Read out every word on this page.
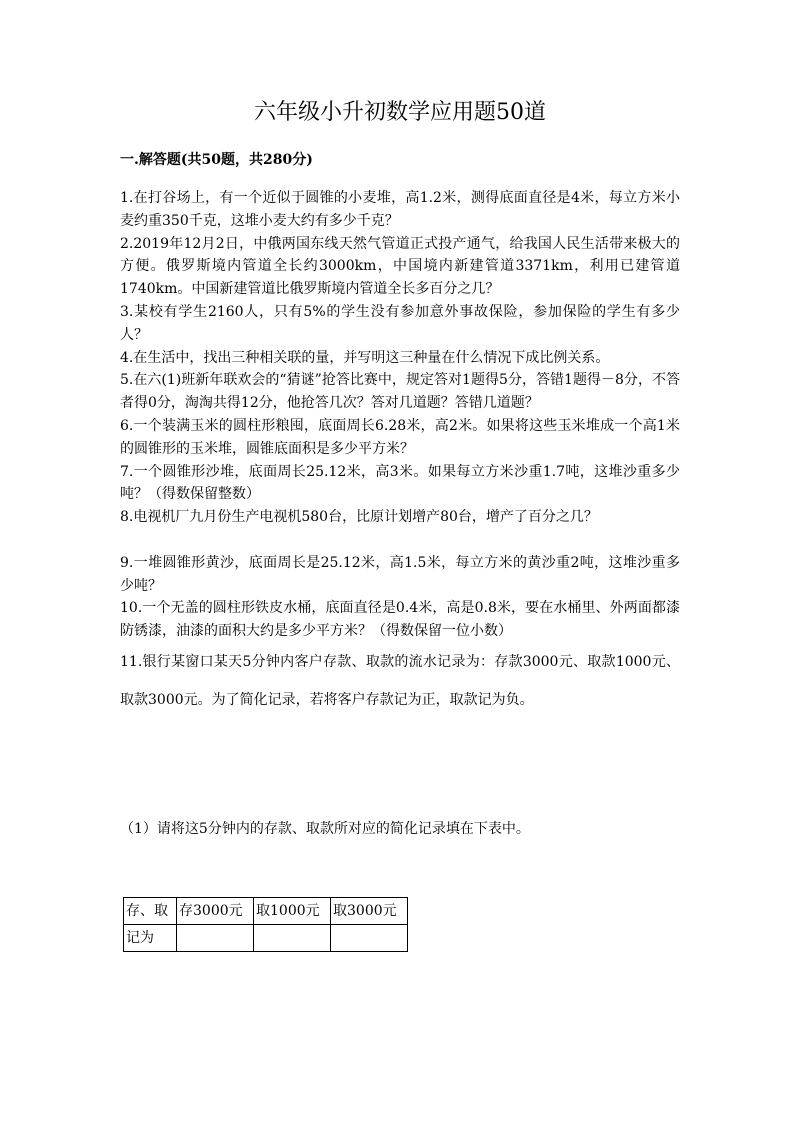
六年级小升初数学应用题50道
一.解答题(共50题，共280分)

1.在打谷场上，有一个近似于圆锥的小麦堆，高1.2米，测得底面直径是4米，每立方米小麦约重350千克，这堆小麦大约有多少千克？

2.2019年12月2日，中俄两国东线天然气管道正式投产通气，给我国人民生活带来极大的方便。俄罗斯境内管道全长约3000km，中国境内新建管道3371km，利用已建管道1740km。中国新建管道比俄罗斯境内管道全长多百分之几？

3.某校有学生2160人，只有5%的学生没有参加意外事故保险，参加保险的学生有多少人？

4.在生活中，找出三种相关联的量，并写明这三种量在什么情况下成比例关系。

5.在六(1)班新年联欢会的“猜谜”抢答比赛中，规定答对1题得5分，答错1题得－8分，不答者得0分，淘淘共得12分，他抢答几次？答对几道题？答错几道题？

6.一个装满玉米的圆柱形粮囤，底面周长6.28米，高2米。如果将这些玉米堆成一个高1米的圆锥形的玉米堆，圆锥底面积是多少平方米？

7.一个圆锥形沙堆，底面周长25.12米，高3米。如果每立方米沙重1.7吨，这堆沙重多少吨？（得数保留整数）

8.电视机厂九月份生产电视机580台，比原计划增产80台，增产了百分之几？

9.一堆圆锥形黄沙，底面周长是25.12米，高1.5米，每立方米的黄沙重2吨，这堆沙重多少吨？

10.一个无盖的圆柱形铁皮水桶，底面直径是0.4米，高是0.8米，要在水桶里、外两面都漆防锈漆，油漆的面积大约是多少平方米？（得数保留一位小数）

11.银行某窗口某天5分钟内客户存款、取款的流水记录为：存款3000元、取款1000元、取款3000元。为了简化记录，若将客户存款记为正，取款记为负。

（1）请将这5分钟内的存款、取款所对应的简化记录填在下表中。
存、取	存3000元	取1000元	取3000元
记为			
